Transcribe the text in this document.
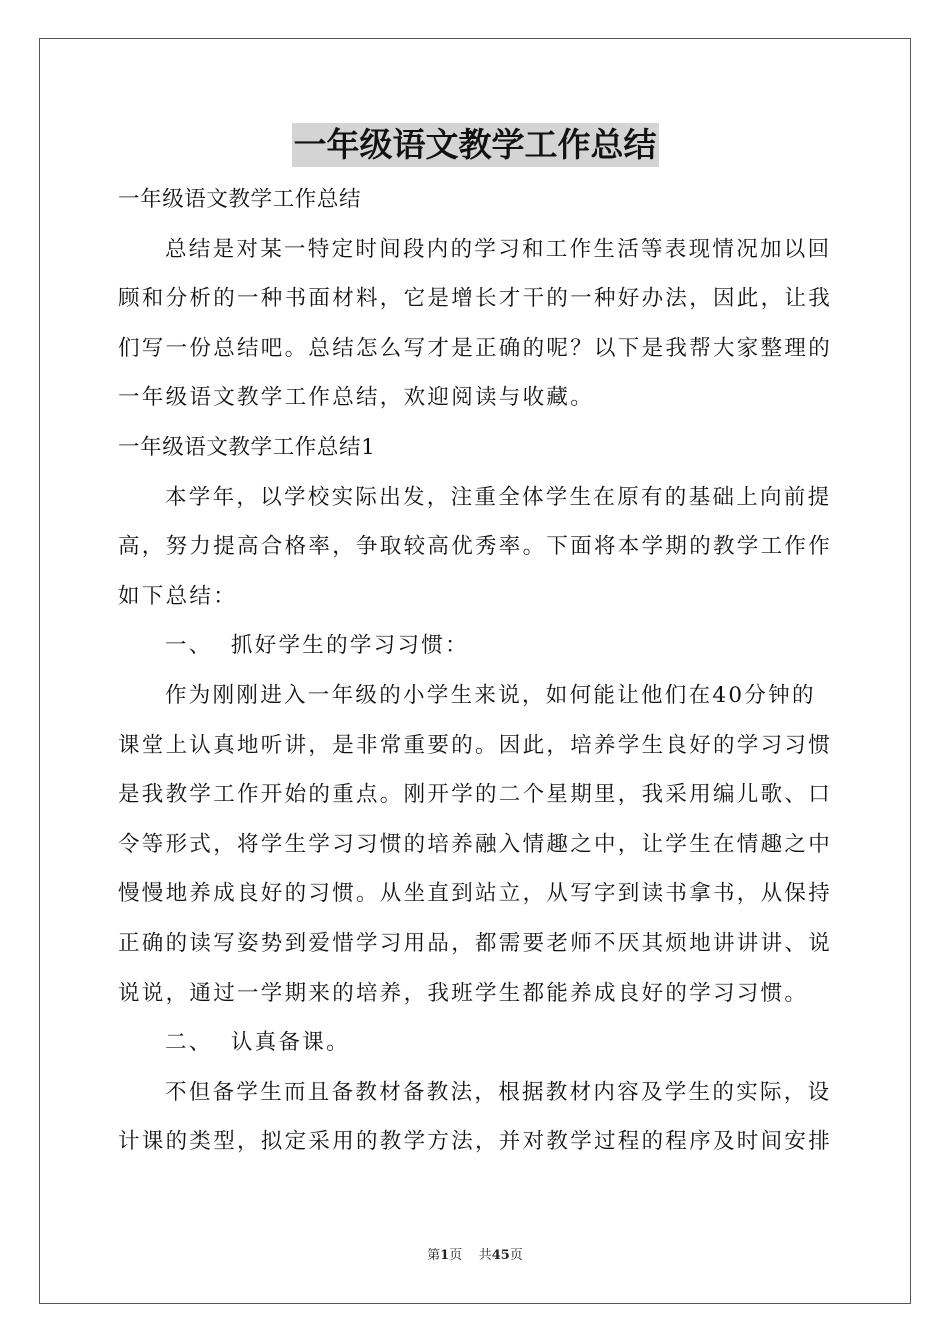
一年级语文教学工作总结
一年级语文教学工作总结
总结是对某一特定时间段内的学习和工作生活等表现情况加以回
顾和分析的一种书面材料，它是增长才干的一种好办法，因此，让我
们写一份总结吧。总结怎么写才是正确的呢？以下是我帮大家整理的
一年级语文教学工作总结，欢迎阅读与收藏。
一年级语文教学工作总结1
本学年，以学校实际出发，注重全体学生在原有的基础上向前提
高，努力提高合格率，争取较高优秀率。下面将本学期的教学工作作
如下总结：
一、  抓好学生的学习习惯：
作为刚刚进入一年级的小学生来说，如何能让他们在40分钟的
课堂上认真地听讲，是非常重要的。因此，培养学生良好的学习习惯
是我教学工作开始的重点。刚开学的二个星期里，我采用编儿歌、口
令等形式，将学生学习习惯的培养融入情趣之中，让学生在情趣之中
慢慢地养成良好的习惯。从坐直到站立，从写字到读书拿书，从保持
正确的读写姿势到爱惜学习用品，都需要老师不厌其烦地讲讲讲、说
说说，通过一学期来的培养，我班学生都能养成良好的学习习惯。
二、  认真备课。
不但备学生而且备教材备教法，根据教材内容及学生的实际，设
计课的类型，拟定采用的教学方法，并对教学过程的程序及时间安排
第1页 共45页
